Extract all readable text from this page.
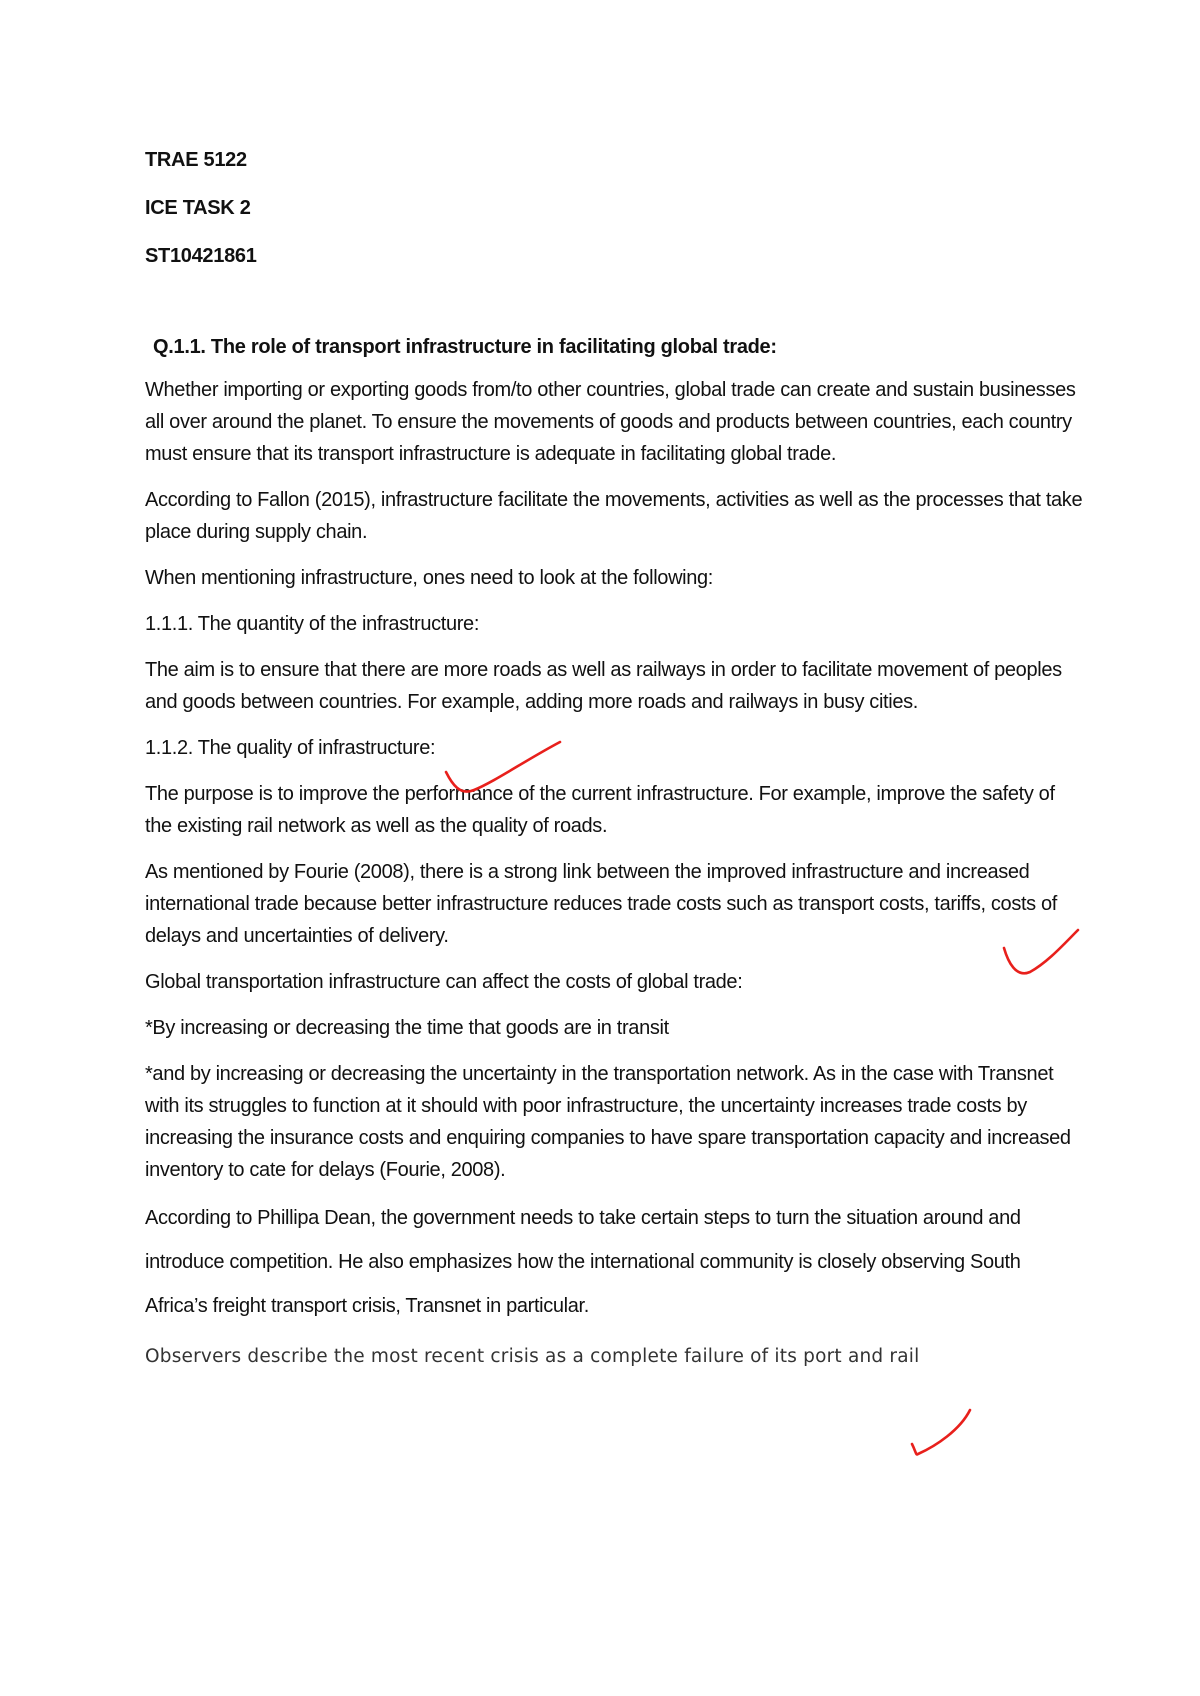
TRAE 5122
ICE TASK 2
ST10421861
Q.1.1. The role of transport infrastructure in facilitating global trade:

Whether importing or exporting goods from/to other countries, global trade can create and sustain businesses all over around the planet. To ensure the movements of goods and products between countries, each country must ensure that its transport infrastructure is adequate in facilitating global trade.

According to Fallon (2015), infrastructure facilitate the movements, activities as well as the processes that take place during supply chain.

When mentioning infrastructure, ones need to look at the following:

1.1.1. The quantity of the infrastructure:

The aim is to ensure that there are more roads as well as railways in order to facilitate movement of peoples and goods between countries. For example, adding more roads and railways in busy cities.

1.1.2. The quality of infrastructure:

The purpose is to improve the performance of the current infrastructure. For example, improve the safety of the existing rail network as well as the quality of roads.

As mentioned by Fourie (2008), there is a strong link between the improved infrastructure and increased international trade because better infrastructure reduces trade costs such as transport costs, tariffs, costs of delays and uncertainties of delivery.

Global transportation infrastructure can affect the costs of global trade:

*By increasing or decreasing the time that goods are in transit

*and by increasing or decreasing the uncertainty in the transportation network. As in the case with Transnet with its struggles to function at it should with poor infrastructure, the uncertainty increases trade costs by increasing the insurance costs and enquiring companies to have spare transportation capacity and increased inventory to cate for delays (Fourie, 2008).

According to Phillipa Dean, the government needs to take certain steps to turn the situation around and introduce competition. He also emphasizes how the international community is closely observing South Africa’s freight transport crisis, Transnet in particular.

Observers describe the most recent crisis as a complete failure of its port and rail
